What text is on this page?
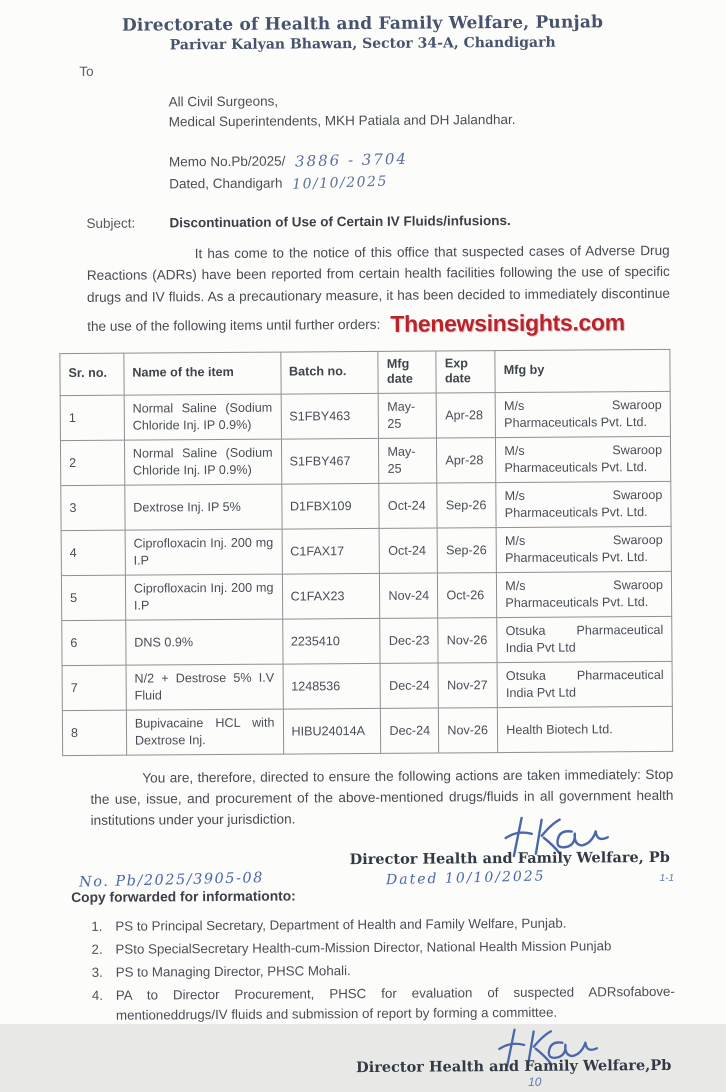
Directorate of Health and Family Welfare, Punjab
Parivar Kalyan Bhawan, Sector 34-A, Chandigarh
To
All Civil Surgeons,
Medical Superintendents, MKH Patiala and DH Jalandhar.
Memo No.Pb/2025/ 3886 - 3704
Dated, Chandigarh 10/10/2025
Subject:	Discontinuation of Use of Certain IV Fluids/infusions.
It has come to the notice of this office that suspected cases of Adverse Drug Reactions (ADRs) have been reported from certain health facilities following the use of specific drugs and IV fluids. As a precautionary measure, it has been decided to immediately discontinue the use of the following items until further orders: Thenewsinsights.com
Sr. no.	Name of the item	Batch no.	Mfg date	Exp date	Mfg by
1	Normal Saline (Sodium Chloride Inj. IP 0.9%)	S1FBY463	May-25	Apr-28	M/s Swaroop Pharmaceuticals Pvt. Ltd.
2	Normal Saline (Sodium Chloride Inj. IP 0.9%)	S1FBY467	May-25	Apr-28	M/s Swaroop Pharmaceuticals Pvt. Ltd.
3	Dextrose Inj. IP 5%	D1FBX109	Oct-24	Sep-26	M/s Swaroop Pharmaceuticals Pvt. Ltd.
4	Ciprofloxacin Inj. 200 mg I.P	C1FAX17	Oct-24	Sep-26	M/s Swaroop Pharmaceuticals Pvt. Ltd.
5	Ciprofloxacin Inj. 200 mg I.P	C1FAX23	Nov-24	Oct-26	M/s Swaroop Pharmaceuticals Pvt. Ltd.
6	DNS 0.9%	2235410	Dec-23	Nov-26	Otsuka Pharmaceutical India Pvt Ltd
7	N/2 + Destrose 5% I.V Fluid	1248536	Dec-24	Nov-27	Otsuka Pharmaceutical India Pvt Ltd
8	Bupivacaine HCL with Dextrose Inj.	HIBU24014A	Dec-24	Nov-26	Health Biotech Ltd.
You are, therefore, directed to ensure the following actions are taken immediately: Stop the use, issue, and procurement of the above-mentioned drugs/fluids in all government health institutions under your jurisdiction.
Director Health and Family Welfare, Pb
No. Pb/2025/3905-08	Dated 10/10/2025	1-1
Copy forwarded for informationto:
PS to Principal Secretary, Department of Health and Family Welfare, Punjab.
PSto SpecialSecretary Health-cum-Mission Director, National Health Mission Punjab
PS to Managing Director, PHSC Mohali.
PA to Director Procurement, PHSC for evaluation of suspected ADRsofabove-mentioneddrugs/IV fluids and submission of report by forming a committee.
Director Health and Family Welfare,Pb
10
